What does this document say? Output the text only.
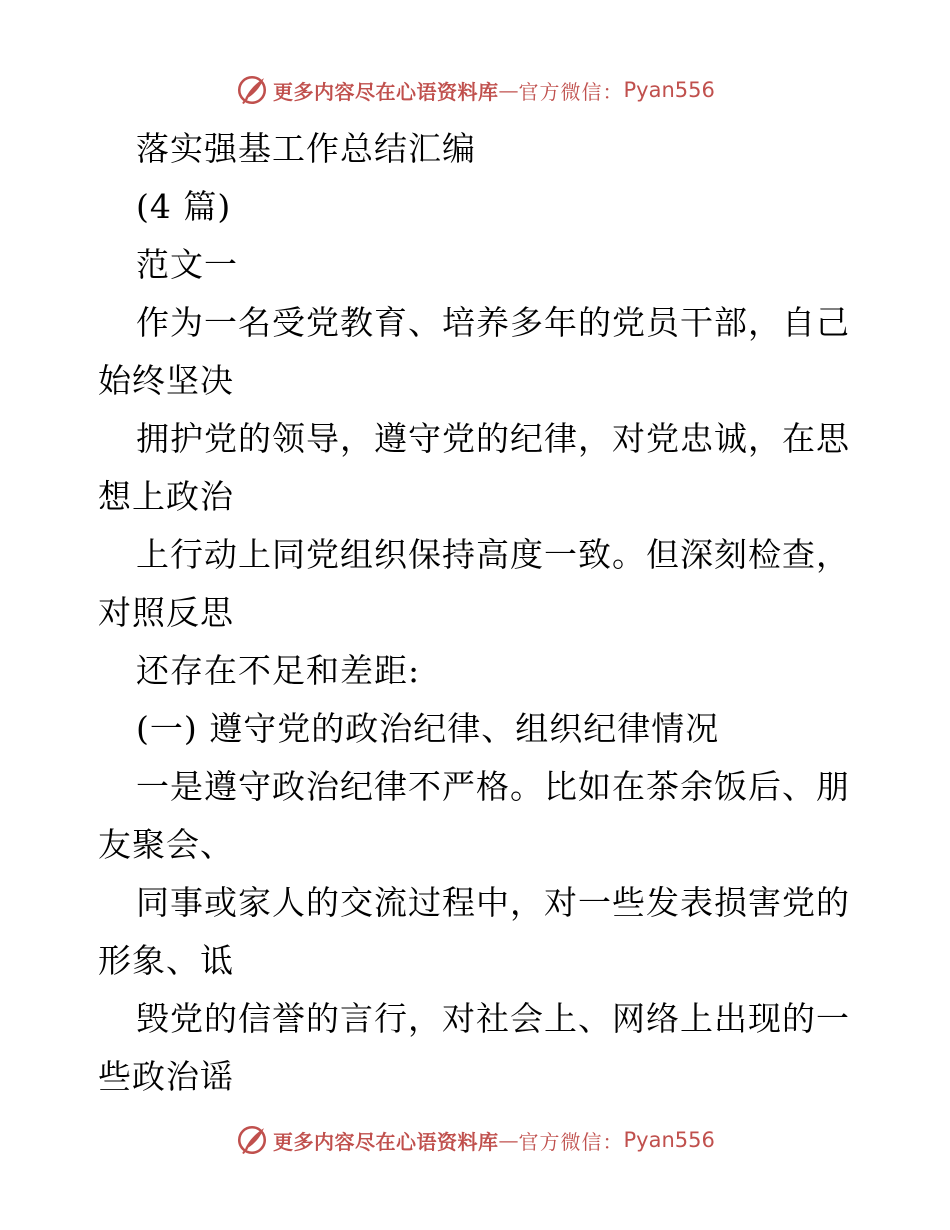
更多内容尽在心语资料库 — 官方微信： Pyan556

落实强基工作总结汇编

(4 篇)

范文一

作为一名受党教育、培养多年的党员干部，自己始终坚决

拥护党的领导，遵守党的纪律，对党忠诚，在思想上政治

上行动上同党组织保持高度一致。但深刻检查，对照反思

还存在不足和差距:

(一) 遵守党的政治纪律、组织纪律情况

一是遵守政治纪律不严格。比如在茶余饭后、朋友聚会、

同事或家人的交流过程中，对一些发表损害党的形象、诋

毁党的信誉的言行，对社会上、网络上出现的一些政治谣

更多内容尽在心语资料库 — 官方微信： Pyan556
